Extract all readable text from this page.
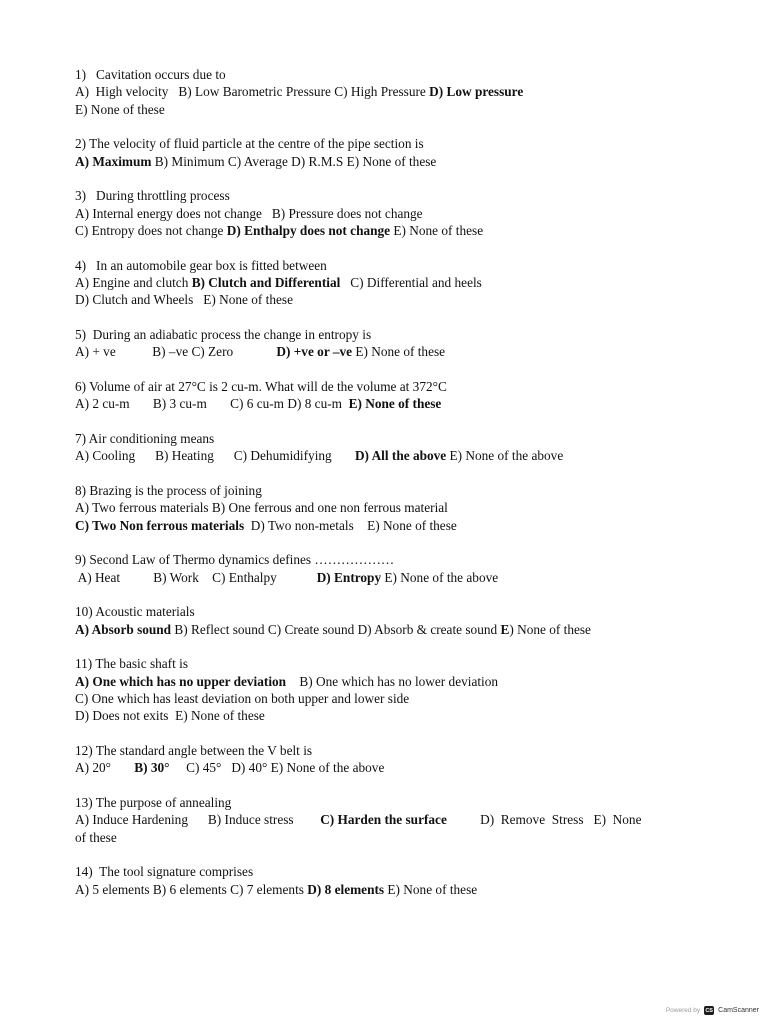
1)   Cavitation occurs due to
A)  High velocity   B) Low Barometric Pressure C) High Pressure D) Low pressure
E) None of these
2) The velocity of fluid particle at the centre of the pipe section is
A) Maximum B) Minimum C) Average D) R.M.S E) None of these
3)   During throttling process
A) Internal energy does not change   B) Pressure does not change
C) Entropy does not change D) Enthalpy does not change E) None of these
4)   In an automobile gear box is fitted between
A) Engine and clutch B) Clutch and Differential   C) Differential and heels
D) Clutch and Wheels   E) None of these
5)  During an adiabatic process the change in entropy is
A) + ve           B) –ve C) Zero             D) +ve or –ve E) None of these
6) Volume of air at 27°C is 2 cu-m. What will de the volume at 372°C
A) 2 cu-m       B) 3 cu-m       C) 6 cu-m D) 8 cu-m  E) None of these
7) Air conditioning means
A) Cooling      B) Heating      C) Dehumidifying       D) All the above E) None of the above
8) Brazing is the process of joining
A) Two ferrous materials B) One ferrous and one non ferrous material
C) Two Non ferrous materials  D) Two non-metals    E) None of these
9) Second Law of Thermo dynamics defines ………………
A) Heat          B) Work    C) Enthalpy            D) Entropy E) None of the above
10) Acoustic materials
A) Absorb sound B) Reflect sound C) Create sound D) Absorb & create sound E) None of these
11) The basic shaft is
A) One which has no upper deviation    B) One which has no lower deviation
C) One which has least deviation on both upper and lower side
D) Does not exits  E) None of these
12) The standard angle between the V belt is
A) 20°       B) 30°     C) 45°   D) 40° E) None of the above
13) The purpose of annealing
A) Induce Hardening      B) Induce stress        C) Harden the surface          D)  Remove  Stress   E)  None
of these
14)  The tool signature comprises
A) 5 elements B) 6 elements C) 7 elements D) 8 elements E) None of these
Powered by CS CamScanner
